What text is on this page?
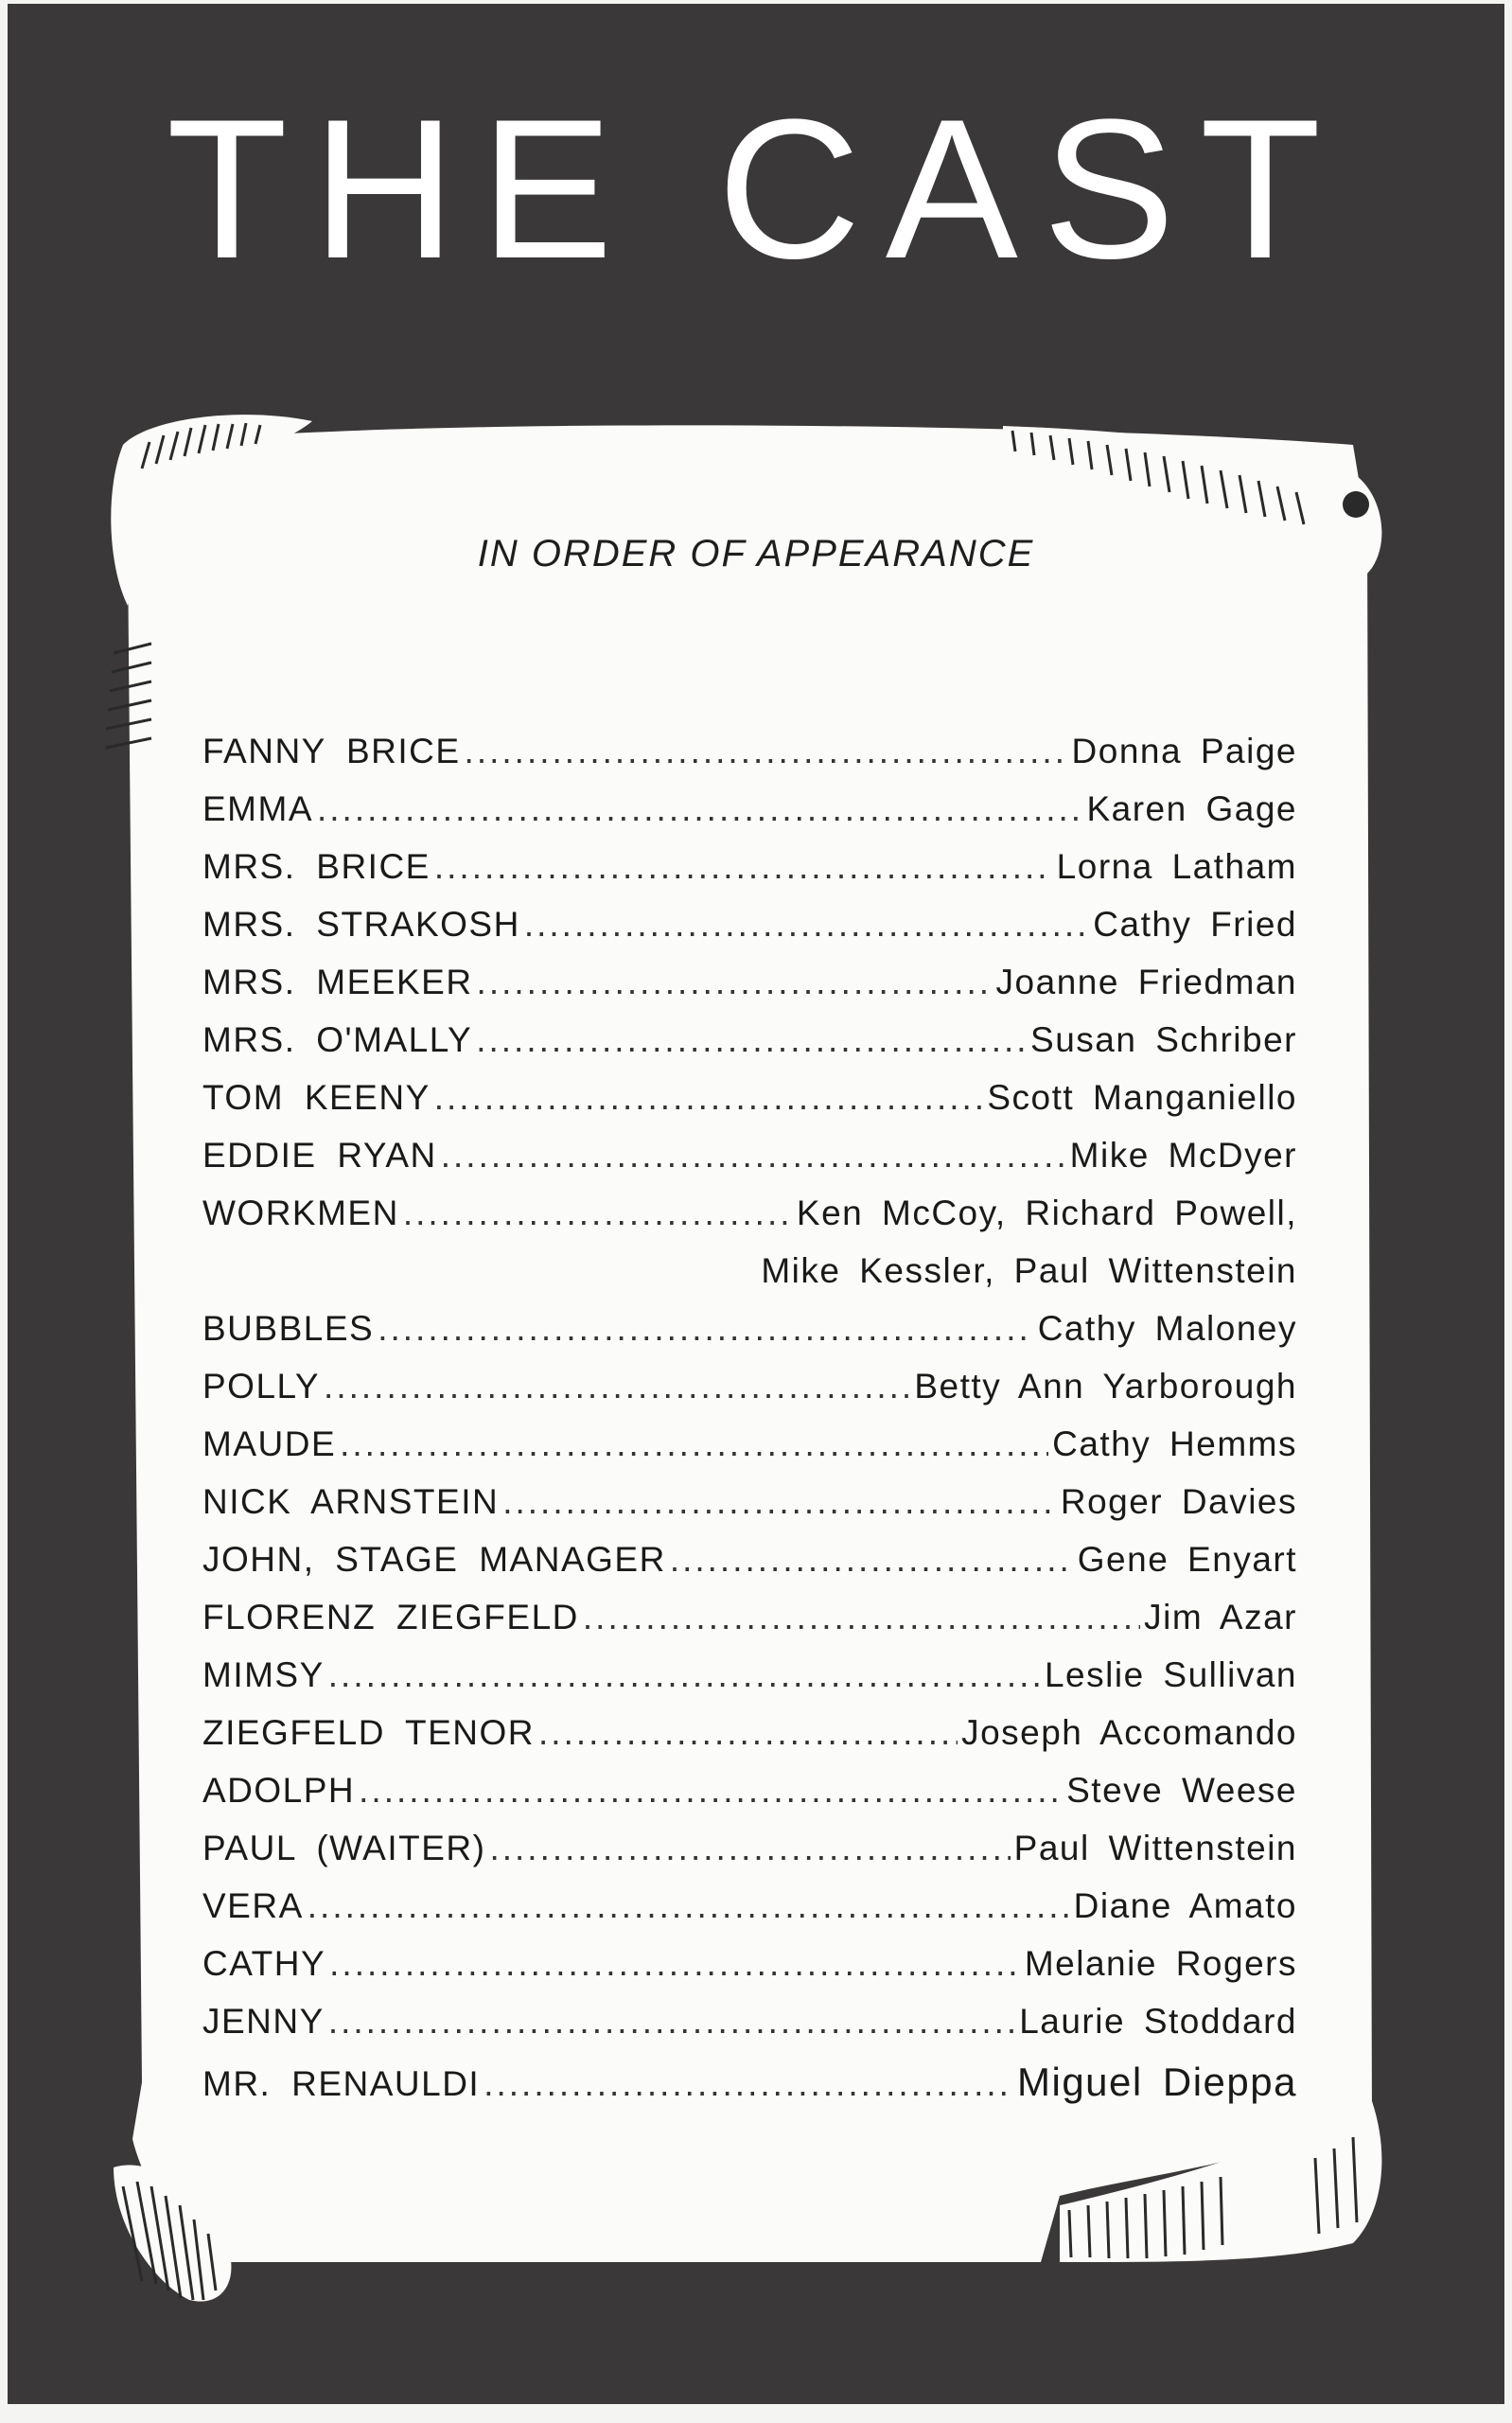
THE CAST
IN ORDER OF APPEARANCE
FANNY BRICE .....	Donna Paige
EMMA .....	Karen Gage
MRS. BRICE .....	Lorna Latham
MRS. STRAKOSH .....	Cathy Fried
MRS. MEEKER .....	Joanne Friedman
MRS. O'MALLY .....	Susan Schriber
TOM KEENY .....	Scott Manganiello
EDDIE RYAN .....	Mike McDyer
WORKMEN .....	Ken McCoy, Richard Powell,
Mike Kessler, Paul Wittenstein
BUBBLES .....	Cathy Maloney
POLLY .....	Betty Ann Yarborough
MAUDE .....	Cathy Hemms
NICK ARNSTEIN .....	Roger Davies
JOHN, STAGE MANAGER .....	Gene Enyart
FLORENZ ZIEGFELD .....	Jim Azar
MIMSY .....	Leslie Sullivan
ZIEGFELD TENOR .....	Joseph Accomando
ADOLPH .....	Steve Weese
PAUL (WAITER) .....	Paul Wittenstein
VERA .....	Diane Amato
CATHY .....	Melanie Rogers
JENNY .....	Laurie Stoddard
MR. RENAULDI .....	Miguel Dieppa
